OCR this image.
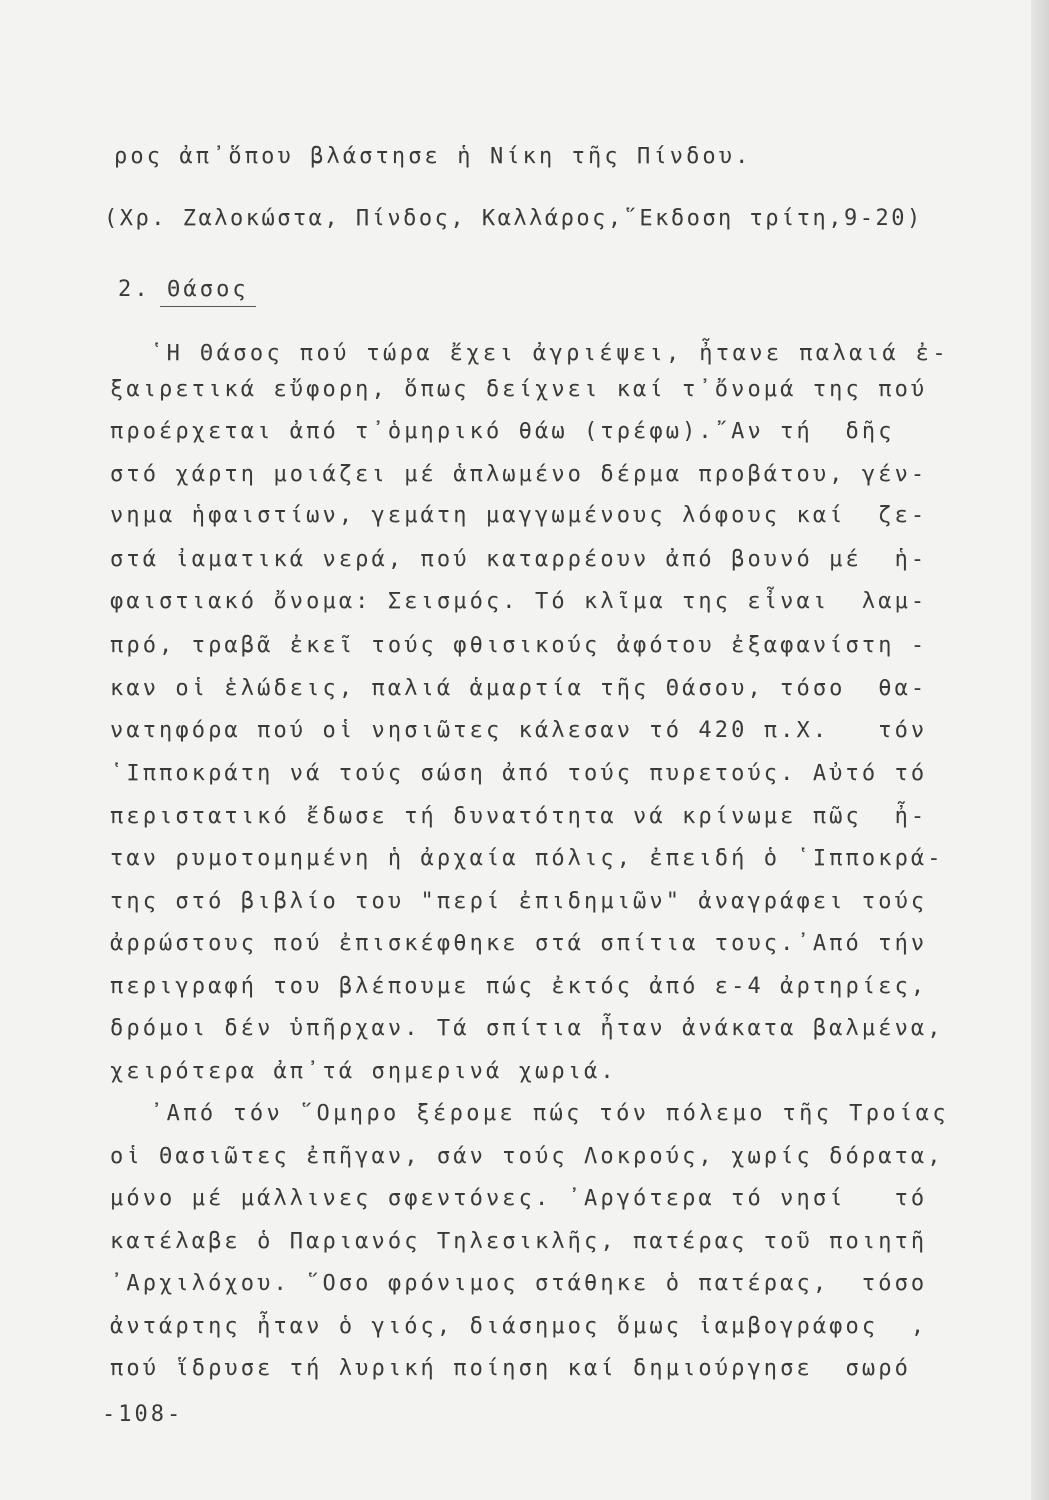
ρος ἀπ᾽ὅπου βλάστησε ἡ Νίκη τῆς Πίνδου.
(Χρ. Ζαλοκώστα, Πίνδος, Καλλάρος,῞Εκδοση τρίτη,9-20)
2. Θάσος
῾Η Θάσος πού τώρα ἔχει ἀγριέψει, ἦτανε παλαιά ἐ-
ξαιρετικά εὔφορη, ὅπως δείχνει καί τ᾽ὄνομά της πού
προέρχεται ἀπό τ᾽ὁμηρικό θάω (τρέφω).῎Αν τή  δῆς
στό χάρτη μοιάζει μέ ἁπλωμένο δέρμα προβάτου, γέν-
νημα ἡφαιστίων, γεμάτη μαγγωμένους λόφους καί  ζε-
στά ἰαματικά νερά, πού καταρρέουν ἀπό βουνό μέ  ἡ-
φαιστιακό ὄνομα: Σεισμός. Τό κλῖμα της εἶναι  λαμ-
πρό, τραβᾶ ἐκεῖ τούς φθισικούς ἀφότου ἐξαφανίστη -
καν οἱ ἑλώδεις, παλιά ἁμαρτία τῆς Θάσου, τόσο  θα-
νατηφόρα πού οἱ νησιῶτες κάλεσαν τό 420 π.Χ.   τόν
῾Ιπποκράτη νά τούς σώση ἀπό τούς πυρετούς. Αὐτό τό
περιστατικό ἔδωσε τή δυνατότητα νά κρίνωμε πῶς  ἦ-
ταν ρυμοτομημένη ἡ ἀρχαία πόλις, ἐπειδή ὁ ῾Ιπποκρά-
της στό βιβλίο του "περί ἐπιδημιῶν" ἀναγράφει τούς
ἀρρώστους πού ἐπισκέφθηκε στά σπίτια τους.᾽Από τήν
περιγραφή του βλέπουμε πώς ἐκτός ἀπό ε-4 ἀρτηρίες,
δρόμοι δέν ὑπῆρχαν. Τά σπίτια ἦταν ἀνάκατα βαλμένα,
χειρότερα ἀπ᾽τά σημερινά χωριά.
᾽Από τόν ῞Ομηρο ξέρομε πώς τόν πόλεμο τῆς Τροίας
οἱ Θασιῶτες ἐπῆγαν, σάν τούς Λοκρούς, χωρίς δόρατα,
μόνο μέ μάλλινες σφεντόνες. ᾽Αργότερα τό νησί   τό
κατέλαβε ὁ Παριανός Τηλεσικλῆς, πατέρας τοῦ ποιητῆ
᾽Αρχιλόχου. ῞Οσο φρόνιμος στάθηκε ὁ πατέρας,  τόσο
ἀντάρτης ἦταν ὁ γιός, διάσημος ὅμως ἰαμβογράφος  ,
πού ἵδρυσε τή λυρική ποίηση καί δημιούργησε  σωρό
-108-
